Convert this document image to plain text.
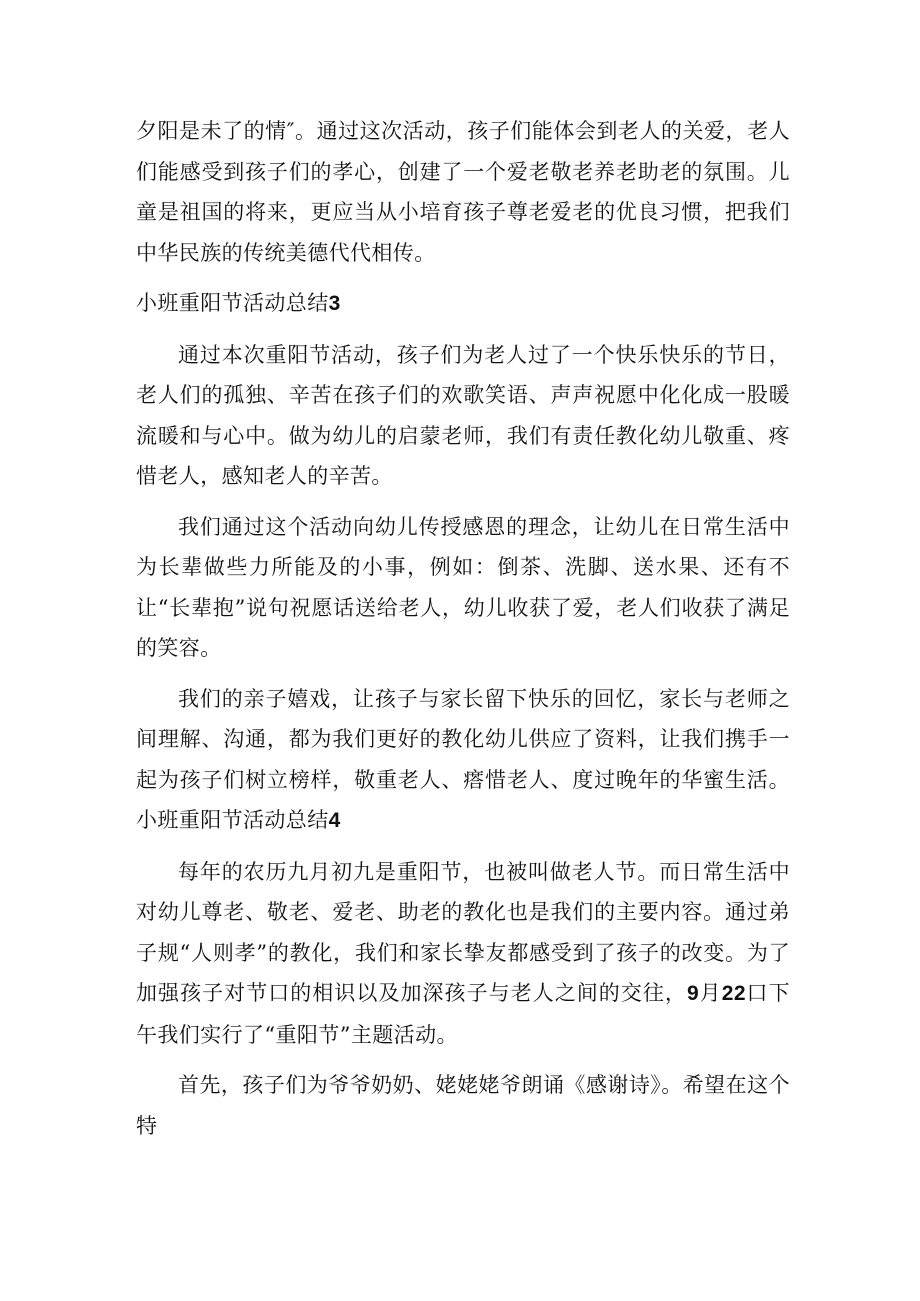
夕阳是未了的情″。通过这次活动，孩子们能体会到老人的关爱，老人们能感受到孩子们的孝心，创建了一个爱老敬老养老助老的氛围。儿童是祖国的将来，更应当从小培育孩子尊老爱老的优良习惯，把我们中华民族的传统美德代代相传。

小班重阳节活动总结3

通过本次重阳节活动，孩子们为老人过了一个快乐快乐的节日，老人们的孤独、辛苦在孩子们的欢歌笑语、声声祝愿中化化成一股暖流暖和与心中。做为幼儿的启蒙老师，我们有责任教化幼儿敬重、疼惜老人，感知老人的辛苦。

我们通过这个活动向幼儿传授感恩的理念，让幼儿在日常生活中为长辈做些力所能及的小事，例如：倒茶、洗脚、送水果、还有不让“长辈抱”说句祝愿话送给老人，幼儿收获了爱，老人们收获了满足的笑容。

我们的亲子嬉戏，让孩子与家长留下快乐的回忆，家长与老师之间理解、沟通，都为我们更好的教化幼儿供应了资料，让我们携手一起为孩子们树立榜样，敬重老人、瘩惜老人、度过晚年的华蜜生活。小班重阳节活动总结4

每年的农历九月初九是重阳节，也被叫做老人节。而日常生活中对幼儿尊老、敬老、爱老、助老的教化也是我们的主要内容。通过弟子规“人则孝”的教化，我们和家长挚友都感受到了孩子的改变。为了加强孩子对节口的相识以及加深孩子与老人之间的交往，9月22口下午我们实行了“重阳节”主题活动。

首先，孩子们为爷爷奶奶、姥姥姥爷朗诵《感谢诗》。希望在这个特
